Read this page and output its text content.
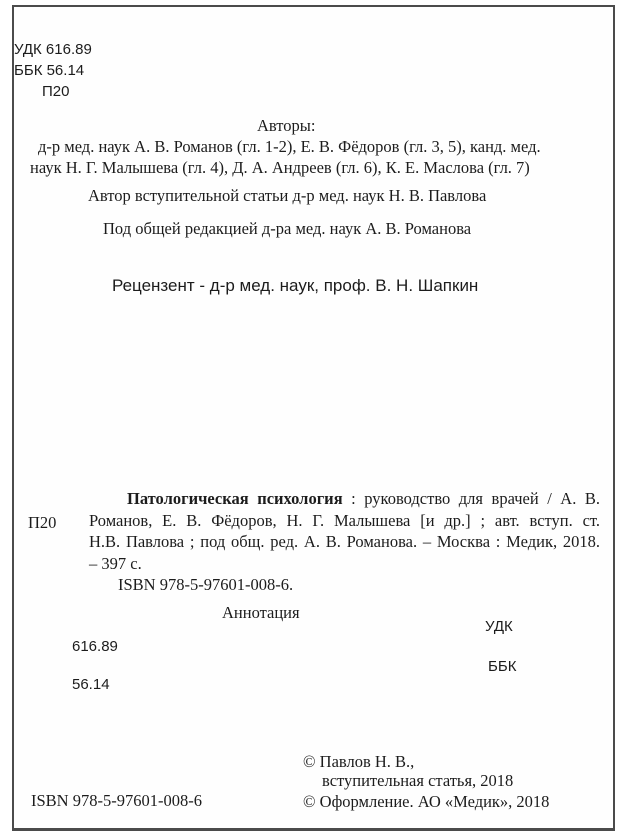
УДК 616.89
ББК 56.14
П20
Авторы:
д-р мед. наук А. В. Романов (гл. 1-2), Е. В. Фёдоров (гл. 3, 5), канд. мед.
наук Н. Г. Малышева (гл. 4), Д. А. Андреев (гл. 6), К. Е. Маслова (гл. 7)
Автор вступительной статьи д-р мед. наук Н. В. Павлова
Под общей редакцией д-ра мед. наук А. В. Романова
Рецензент - д-р мед. наук, проф. В. Н. Шапкин
П20
Патологическая психология : руководство для врачей / А. В.
Романов, Е. В. Фёдоров, Н. Г. Малышева [и др.] ; авт. вступ. ст.
Н.В. Павлова ; под общ. ред. А. В. Романова. – Москва : Медик, 2018.
– 397 с.
ISBN 978-5-97601-008-6.
Аннотация
УДК
616.89
ББК
56.14
© Павлов Н. В.,
вступительная статья, 2018
© Оформление. АО «Медик», 2018
ISBN 978-5-97601-008-6
